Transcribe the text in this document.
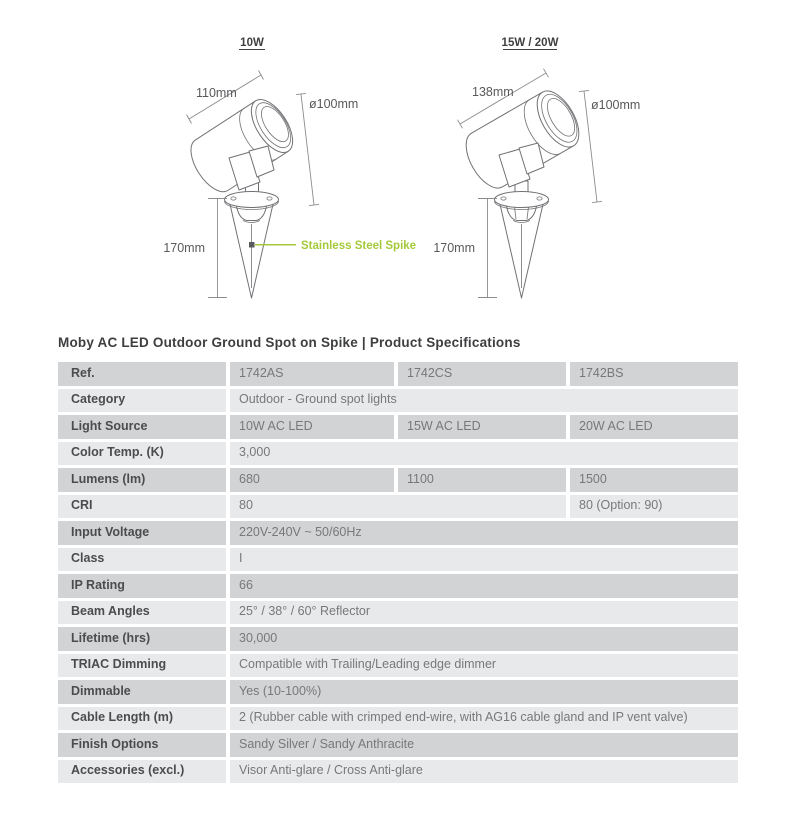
10W
110mm
ø100mm
170mm	Stainless Steel Spike
15W / 20W
138mm
ø100mm
170mm
Moby AC LED Outdoor Ground Spot on Spike | Product Specifications
Ref.	1742AS	1742CS	1742BS
Category	Outdoor - Ground spot lights		
Light Source	10W AC LED	15W AC LED	20W AC LED
Color Temp. (K)	3,000		
Lumens (lm)	680	1100	1500
CRI	80		80 (Option: 90)
Input Voltage	220V-240V ~ 50/60Hz		
Class	I		
IP Rating	66		
Beam Angles	25° / 38° / 60° Reflector		
Lifetime (hrs)	30,000		
TRIAC Dimming	Compatible with Trailing/Leading edge dimmer		
Dimmable	Yes (10-100%)		
Cable Length (m)	2 (Rubber cable with crimped end-wire, with AG16 cable gland and IP vent valve)		
Finish Options	Sandy Silver / Sandy Anthracite		
Accessories (excl.)	Visor Anti-glare / Cross Anti-glare		
